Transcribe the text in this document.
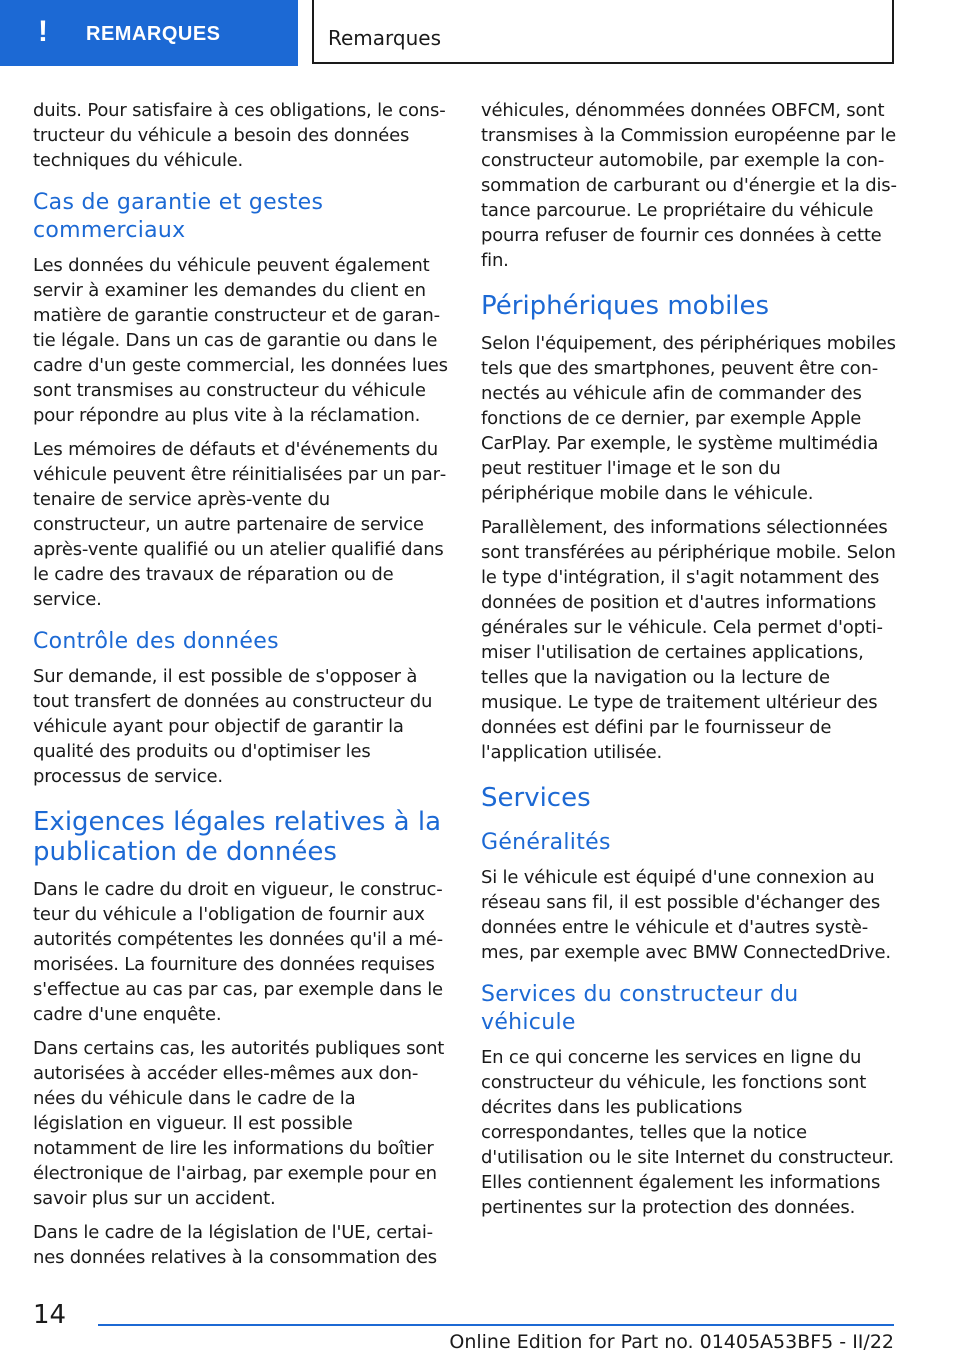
! REMARQUES	Remarques

duits. Pour satisfaire à ces obligations, le constructeur du véhicule a besoin des données techniques du véhicule.

Cas de garantie et gestes commerciaux

Les données du véhicule peuvent également servir à examiner les demandes du client en matière de garantie constructeur et de garantie légale. Dans un cas de garantie ou dans le cadre d'un geste commercial, les données lues sont transmises au constructeur du véhicule pour répondre au plus vite à la réclamation.

Les mémoires de défauts et d'événements du véhicule peuvent être réinitialisées par un partenaire de service après-vente du constructeur, un autre partenaire de service après-vente qualifié ou un atelier qualifié dans le cadre des travaux de réparation ou de service.

Contrôle des données

Sur demande, il est possible de s'opposer à tout transfert de données au constructeur du véhicule ayant pour objectif de garantir la qualité des produits ou d'optimiser les processus de service.

Exigences légales relatives à la publication de données

Dans le cadre du droit en vigueur, le constructeur du véhicule a l'obligation de fournir aux autorités compétentes les données qu'il a mémorisées. La fourniture des données requises s'effectue au cas par cas, par exemple dans le cadre d'une enquête.

Dans certains cas, les autorités publiques sont autorisées à accéder elles-mêmes aux données du véhicule dans le cadre de la législation en vigueur. Il est possible notamment de lire les informations du boîtier électronique de l'airbag, par exemple pour en savoir plus sur un accident.

Dans le cadre de la législation de l'UE, certaines données relatives à la consommation des

véhicules, dénommées données OBFCM, sont transmises à la Commission européenne par le constructeur automobile, par exemple la consommation de carburant ou d'énergie et la distance parcourue. Le propriétaire du véhicule pourra refuser de fournir ces données à cette fin.

Périphériques mobiles

Selon l'équipement, des périphériques mobiles tels que des smartphones, peuvent être connectés au véhicule afin de commander des fonctions de ce dernier, par exemple Apple CarPlay. Par exemple, le système multimédia peut restituer l'image et le son du périphérique mobile dans le véhicule.

Parallèlement, des informations sélectionnées sont transférées au périphérique mobile. Selon le type d'intégration, il s'agit notamment des données de position et d'autres informations générales sur le véhicule. Cela permet d'optimiser l'utilisation de certaines applications, telles que la navigation ou la lecture de musique. Le type de traitement ultérieur des données est défini par le fournisseur de l'application utilisée.

Services
Généralités

Si le véhicule est équipé d'une connexion au réseau sans fil, il est possible d'échanger des données entre le véhicule et d'autres systèmes, par exemple avec BMW ConnectedDrive.

Services du constructeur du véhicule

En ce qui concerne les services en ligne du constructeur du véhicule, les fonctions sont décrites dans les publications correspondantes, telles que la notice d'utilisation ou le site Internet du constructeur. Elles contiennent également les informations pertinentes sur la protection des données.

14
Online Edition for Part no. 01405A53BF5 - II/22
